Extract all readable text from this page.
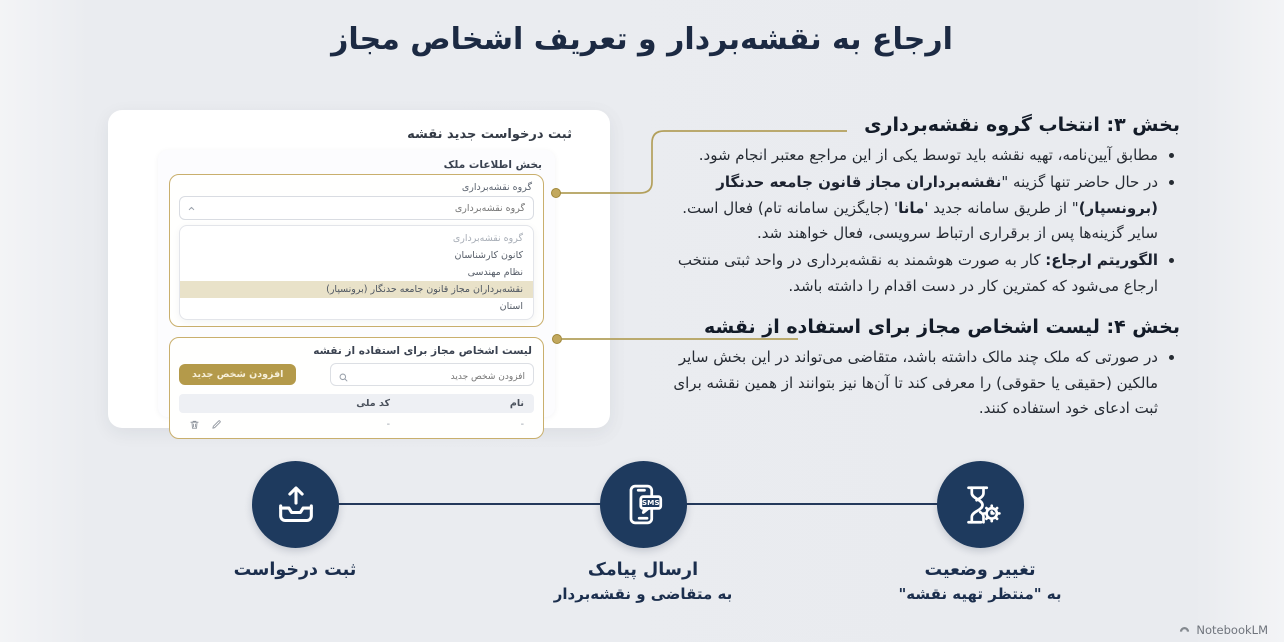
ارجاع به نقشه‌بردار و تعریف اشخاص مجاز
ثبت درخواست جدید نقشه
بخش اطلاعات ملک
گروه نقشه‌برداری
گروه نقشه‌برداری
گروه نقشه‌برداری
کانون کارشناسان
نظام مهندسی
نقشه‌برداران مجاز قانون جامعه حدنگار (برونسپار)
استان
لیست اشخاص مجاز برای استفاده از نقشه
افزودن شخص جدید
افزودن شخص جدید
نام
کد ملی
-
-
بخش ۳: انتخاب گروه نقشه‌برداری
• مطابق آیین‌نامه، تهیه نقشه باید توسط یکی از این مراجع معتبر انجام شود.
• در حال حاضر تنها گزینه "نقشه‌برداران مجاز قانون جامعه حدنگار (برونسپار)" از طریق سامانه جدید 'مانا' (جایگزین سامانه تام) فعال است. سایر گزینه‌ها پس از برقراری ارتباط سرویسی، فعال خواهند شد.
• الگوریتم ارجاع: کار به صورت هوشمند به نقشه‌برداری در واحد ثبتی منتخب ارجاع می‌شود که کمترین کار در دست اقدام را داشته باشد.
بخش ۴: لیست اشخاص مجاز برای استفاده از نقشه
• در صورتی که ملک چند مالک داشته باشد، متقاضی می‌تواند در این بخش سایر مالکین (حقیقی یا حقوقی) را معرفی کند تا آن‌ها نیز بتوانند از همین نقشه برای ثبت ادعای خود استفاده کنند.
SMS
ثبت درخواست	ارسال پیامک
به متقاضی و نقشه‌بردار
تغییر وضعیت
به "منتظر تهیه نقشه"
NotebookLM
